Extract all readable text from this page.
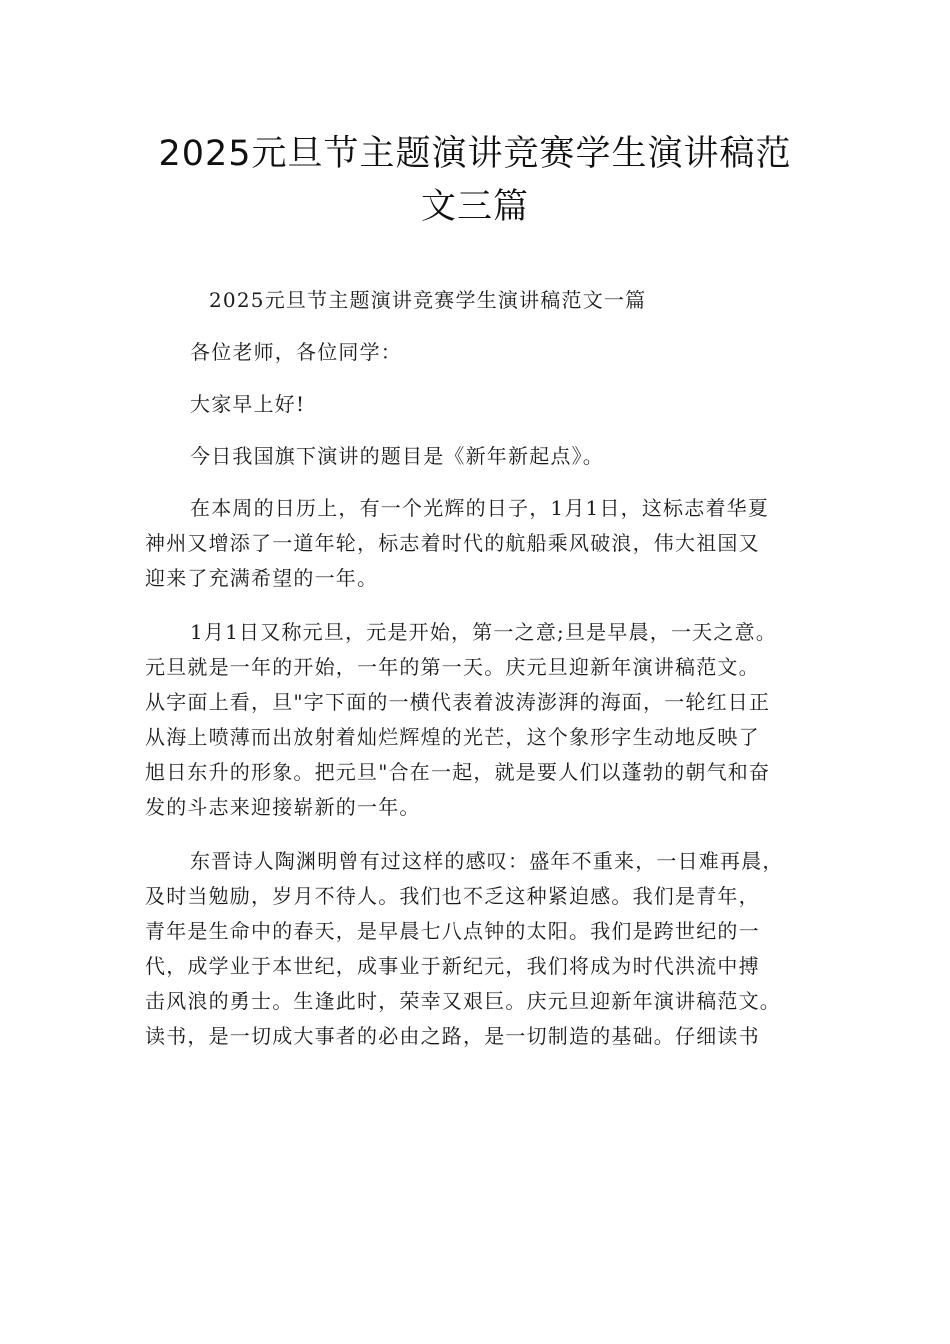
2025元旦节主题演讲竞赛学生演讲稿范
文三篇
2025元旦节主题演讲竞赛学生演讲稿范文一篇
各位老师，各位同学：
大家早上好!
今日我国旗下演讲的题目是《新年新起点》。
在本周的日历上，有一个光辉的日子，1月1日，这标志着华夏
神州又增添了一道年轮，标志着时代的航船乘风破浪，伟大祖国又
迎来了充满希望的一年。
1月1日又称元旦，元是开始，第一之意;旦是早晨，一天之意。
元旦就是一年的开始，一年的第一天。庆元旦迎新年演讲稿范文。
从字面上看，旦"字下面的一横代表着波涛澎湃的海面，一轮红日正
从海上喷薄而出放射着灿烂辉煌的光芒，这个象形字生动地反映了
旭日东升的形象。把元旦"合在一起，就是要人们以蓬勃的朝气和奋
发的斗志来迎接崭新的一年。
东晋诗人陶渊明曾有过这样的感叹：盛年不重来，一日难再晨，
及时当勉励，岁月不待人。我们也不乏这种紧迫感。我们是青年，
青年是生命中的春天，是早晨七八点钟的太阳。我们是跨世纪的一
代，成学业于本世纪，成事业于新纪元，我们将成为时代洪流中搏
击风浪的勇士。生逢此时，荣幸又艰巨。庆元旦迎新年演讲稿范文。
读书，是一切成大事者的必由之路，是一切制造的基础。仔细读书
